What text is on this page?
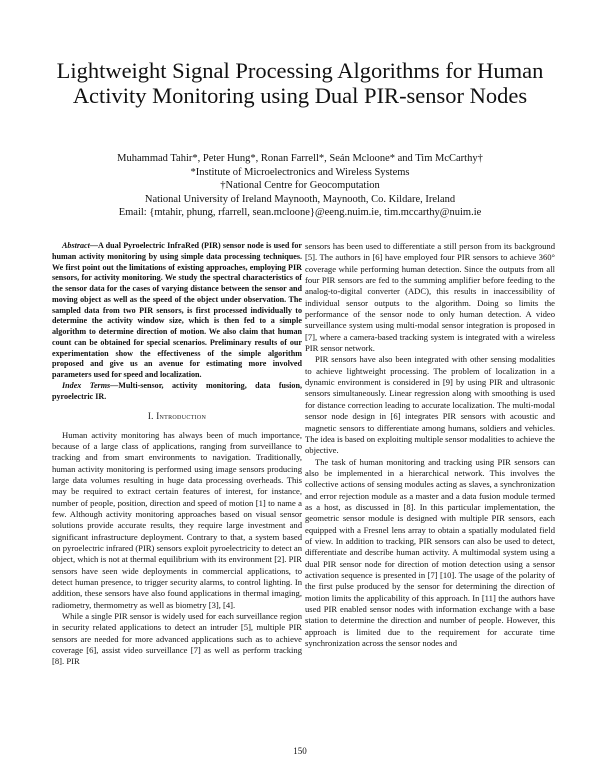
Lightweight Signal Processing Algorithms for Human Activity Monitoring using Dual PIR-sensor Nodes
Muhammad Tahir*, Peter Hung*, Ronan Farrell*, Seán Mcloone* and Tim McCarthy†
*Institute of Microelectronics and Wireless Systems
†National Centre for Geocomputation
National University of Ireland Maynooth, Maynooth, Co. Kildare, Ireland
Email: {mtahir, phung, rfarrell, sean.mcloone}@eeng.nuim.ie, tim.mccarthy@nuim.ie

Abstract—A dual Pyroelectric InfraRed (PIR) sensor node is used for human activity monitoring by using simple data processing techniques. We first point out the limitations of existing approaches, employing PIR sensors, for activity monitoring. We study the spectral characteristics of the sensor data for the cases of varying distance between the sensor and moving object as well as the speed of the object under observation. The sampled data from two PIR sensors, is first processed individually to determine the activity window size, which is then fed to a simple algorithm to determine direction of motion. We also claim that human count can be obtained for special scenarios. Preliminary results of our experimentation show the effectiveness of the simple algorithm proposed and give us an avenue for estimating more involved parameters used for speed and localization.

Index Terms—Multi-sensor, activity monitoring, data fusion, pyroelectric IR.

I. Introduction

Human activity monitoring has always been of much importance, because of a large class of applications, ranging from surveillance to tracking and from smart environments to navigation. Traditionally, human activity monitoring is performed using image sensors producing large data volumes resulting in huge data processing overheads. This may be required to extract certain features of interest, for instance, number of people, position, direction and speed of motion [1] to name a few. Although activity monitoring approaches based on visual sensor solutions provide accurate results, they require large investment and significant infrastructure deployment. Contrary to that, a system based on pyroelectric infrared (PIR) sensors exploit pyroelectricity to detect an object, which is not at thermal equilibrium with its environment [2]. PIR sensors have seen wide deployments in commercial applications, to detect human presence, to trigger security alarms, to control lighting. In addition, these sensors have also found applications in thermal imaging, radiometry, thermometry as well as biometry [3], [4].

While a single PIR sensor is widely used for each surveillance region in security related applications to detect an intruder [5], multiple PIR sensors are needed for more advanced applications such as to achieve coverage [6], assist video surveillance [7] as well as perform tracking [8]. PIR

sensors has been used to differentiate a still person from its background [5]. The authors in [6] have employed four PIR sensors to achieve 360° coverage while performing human detection. Since the outputs from all four PIR sensors are fed to the summing amplifier before feeding to the analog-to-digital converter (ADC), this results in inaccessibility of individual sensor outputs to the algorithm. Doing so limits the performance of the sensor node to only human detection. A video surveillance system using multi-modal sensor integration is proposed in [7], where a camera-based tracking system is integrated with a wireless PIR sensor network.

PIR sensors have also been integrated with other sensing modalities to achieve lightweight processing. The problem of localization in a dynamic environment is considered in [9] by using PIR and ultrasonic sensors simultaneously. Linear regression along with smoothing is used for distance correction leading to accurate localization. The multi-modal sensor node design in [6] integrates PIR sensors with acoustic and magnetic sensors to differentiate among humans, soldiers and vehicles. The idea is based on exploiting multiple sensor modalities to achieve the objective.

The task of human monitoring and tracking using PIR sensors can also be implemented in a hierarchical network. This involves the collective actions of sensing modules acting as slaves, a synchronization and error rejection module as a master and a data fusion module termed as a host, as discussed in [8]. In this particular implementation, the geometric sensor module is designed with multiple PIR sensors, each equipped with a Fresnel lens array to obtain a spatially modulated field of view. In addition to tracking, PIR sensors can also be used to detect, differentiate and describe human activity. A multimodal system using a dual PIR sensor node for direction of motion detection using a sensor activation sequence is presented in [7] [10]. The usage of the polarity of the first pulse produced by the sensor for determining the direction of motion limits the applicability of this approach. In [11] the authors have used PIR enabled sensor nodes with information exchange with a base station to determine the direction and number of people. However, this approach is limited due to the requirement for accurate time synchronization across the sensor nodes and

150
